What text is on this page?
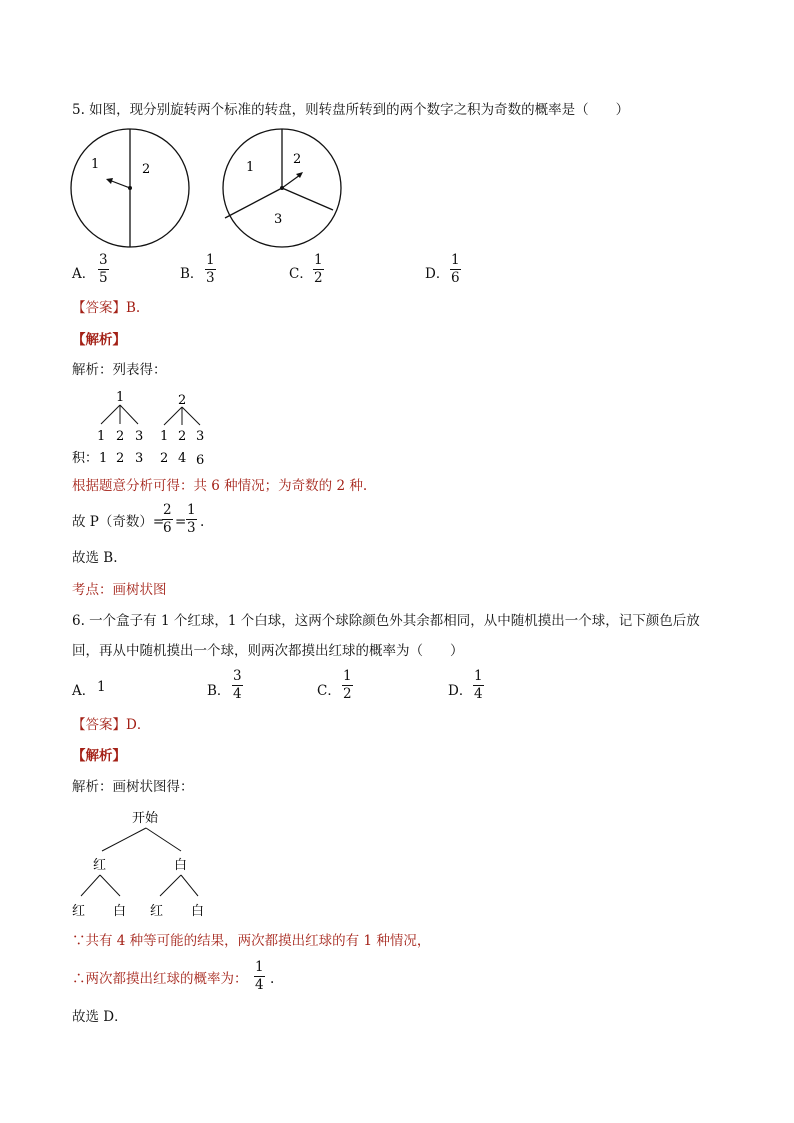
5. 如图，现分别旋转两个标准的转盘，则转盘所转到的两个数字之积为奇数的概率是（　　）
1	2	1
2
3
A．
3
5	B．
1
3	C．
1
2	D．
1
6
【答案】B.
【解析】
解析：列表得：
1	2
1 2 3 1 2 3
积： 1 2 3 2 4 6
根据题意分析可得：共 6 种情况；为奇数的 2 种.
故 P（奇数）=
2
6 =
1
3 .
故选 B.
考点：画树状图
6. 一个盒子有 1 个红球，1 个白球，这两个球除颜色外其余都相同，从中随机摸出一个球，记下颜色后放
回，再从中随机摸出一个球，则两次都摸出红球的概率为（　　）
A． 1	B．
3
4	C．
1
2	D．
1
4
【答案】D．
【解析】
解析：画树状图得：
开始
红	白
红 白 红 白
∵共有 4 种等可能的结果，两次都摸出红球的有 1 种情况，
∴两次都摸出红球的概率为：
1
4 .
故选 D．
